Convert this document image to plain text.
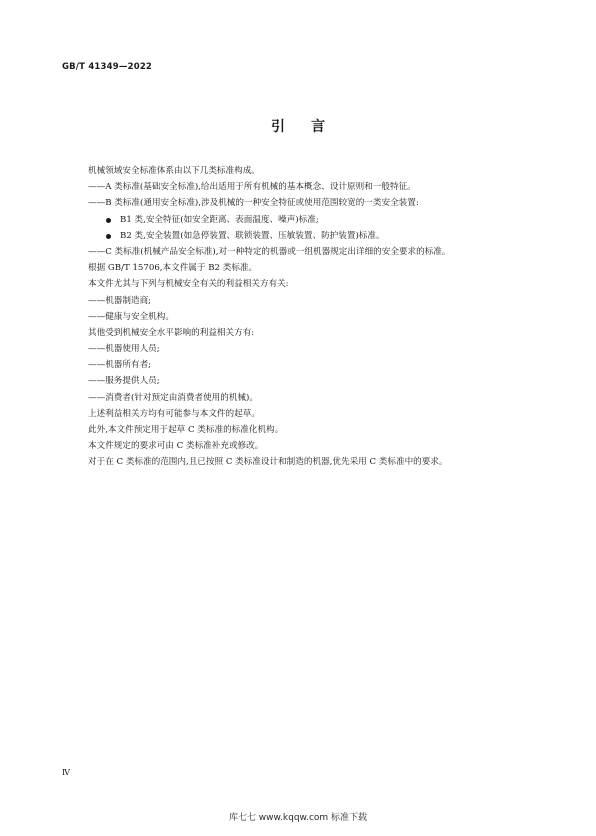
GB/T 41349—2022
引言
机械领域安全标准体系由以下几类标准构成。
——A 类标准(基础安全标准),给出适用于所有机械的基本概念、设计原则和一般特征。
——B 类标准(通用安全标准),涉及机械的一种安全特征或使用范围较宽的一类安全装置:
B1 类,安全特征(如安全距离、表面温度、噪声)标准;
B2 类,安全装置(如急停装置、联锁装置、压敏装置、防护装置)标准。
——C 类标准(机械产品安全标准),对一种特定的机器或一组机器规定出详细的安全要求的标准。
根据 GB/T 15706,本文件属于 B2 类标准。
本文件尤其与下列与机械安全有关的利益相关方有关:
——机器制造商;
——健康与安全机构。
其他受到机械安全水平影响的利益相关方有:
——机器使用人员;
——机器所有者;
——服务提供人员;
——消费者(针对预定由消费者使用的机械)。
上述利益相关方均有可能参与本文件的起草。
此外,本文件预定用于起草 C 类标准的标准化机构。
本文件规定的要求可由 C 类标准补充或修改。
对于在 C 类标准的范围内,且已按照 C 类标准设计和制造的机器,优先采用 C 类标准中的要求。
Ⅳ
库七七 www.kqqw.com 标准下载
